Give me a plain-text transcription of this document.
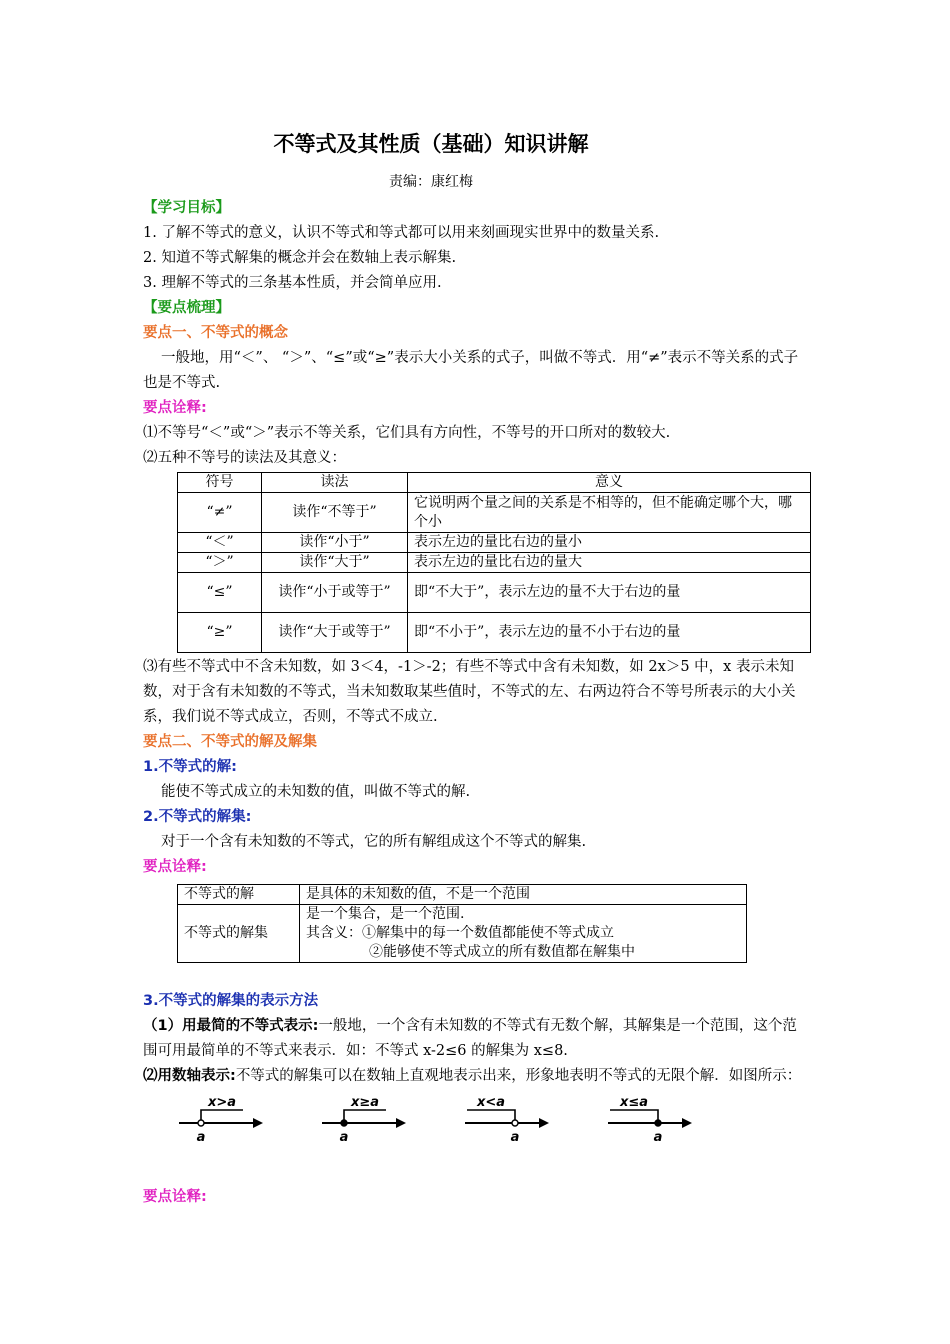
不等式及其性质（基础）知识讲解
责编：康红梅

【学习目标】

1. 了解不等式的意义，认识不等式和等式都可以用来刻画现实世界中的数量关系.

2. 知道不等式解集的概念并会在数轴上表示解集.

3. 理解不等式的三条基本性质，并会简单应用.

【要点梳理】

要点一、不等式的概念

一般地，用“＜”、 “＞”、“≤”或“≥”表示大小关系的式子，叫做不等式．用“≠”表示不等关系的式子也是不等式.

要点诠释:

⑴不等号“＜”或“＞”表示不等关系，它们具有方向性，不等号的开口所对的数较大.

⑵五种不等号的读法及其意义：

符号	读法	意义
“≠”	读作“不等于”	它说明两个量之间的关系是不相等的，但不能确定哪个大，哪个小
“＜”	读作“小于”	表示左边的量比右边的量小
“＞”	读作“大于”	表示左边的量比右边的量大
“≤”	读作“小于或等于”	即“不大于”，表示左边的量不大于右边的量
“≥”	读作“大于或等于”	即“不小于”，表示左边的量不小于右边的量

⑶有些不等式中不含未知数，如 3＜4，-1＞-2；有些不等式中含有未知数，如 2x＞5 中，x 表示未知数，对于含有未知数的不等式，当未知数取某些值时，不等式的左、右两边符合不等号所表示的大小关系，我们说不等式成立，否则，不等式不成立.

要点二、不等式的解及解集

1.不等式的解:

能使不等式成立的未知数的值，叫做不等式的解.

2.不等式的解集:

对于一个含有未知数的不等式，它的所有解组成这个不等式的解集.

要点诠释:

不等式的解	是具体的未知数的值，不是一个范围
不等式的解集	是一个集合，是一个范围.
其含义：①解集中的每一个数值都能使不等式成立
②能够使不等式成立的所有数值都在解集中

3.不等式的解集的表示方法

（1）用最简的不等式表示:一般地，一个含有未知数的不等式有无数个解，其解集是一个范围，这个范围可用最简单的不等式来表示．如：不等式 x-2≤6 的解集为 x≤8.

⑵用数轴表示:不等式的解集可以在数轴上直观地表示出来，形象地表明不等式的无限个解．如图所示：

x>a
a
x≥a
a
x<a
a
x≤a
a

要点诠释:
